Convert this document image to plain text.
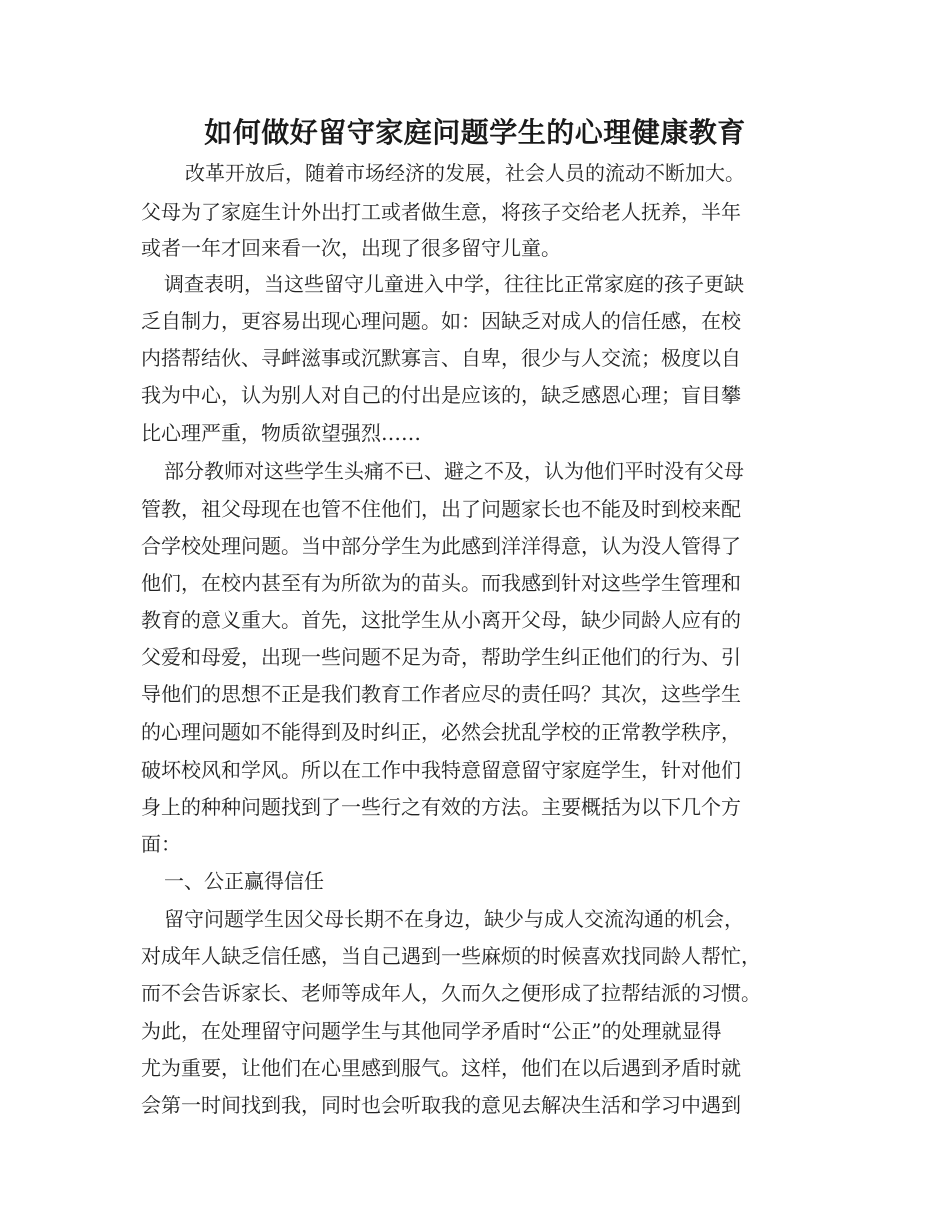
如何做好留守家庭问题学生的心理健康教育
改革开放后，随着市场经济的发展，社会人员的流动不断加大。
父母为了家庭生计外出打工或者做生意，将孩子交给老人抚养，半年
或者一年才回来看一次，出现了很多留守儿童。
调查表明，当这些留守儿童进入中学，往往比正常家庭的孩子更缺
乏自制力，更容易出现心理问题。如：因缺乏对成人的信任感，在校
内搭帮结伙、寻衅滋事或沉默寡言、自卑，很少与人交流；极度以自
我为中心，认为别人对自己的付出是应该的，缺乏感恩心理；盲目攀
比心理严重，物质欲望强烈……
部分教师对这些学生头痛不已、避之不及，认为他们平时没有父母
管教，祖父母现在也管不住他们，出了问题家长也不能及时到校来配
合学校处理问题。当中部分学生为此感到洋洋得意，认为没人管得了
他们，在校内甚至有为所欲为的苗头。而我感到针对这些学生管理和
教育的意义重大。首先，这批学生从小离开父母，缺少同龄人应有的
父爱和母爱，出现一些问题不足为奇，帮助学生纠正他们的行为、引
导他们的思想不正是我们教育工作者应尽的责任吗？其次，这些学生
的心理问题如不能得到及时纠正，必然会扰乱学校的正常教学秩序，
破坏校风和学风。所以在工作中我特意留意留守家庭学生，针对他们
身上的种种问题找到了一些行之有效的方法。主要概括为以下几个方
面：
一、公正赢得信任
留守问题学生因父母长期不在身边，缺少与成人交流沟通的机会，
对成年人缺乏信任感，当自己遇到一些麻烦的时候喜欢找同龄人帮忙，
而不会告诉家长、老师等成年人，久而久之便形成了拉帮结派的习惯。
为此，在处理留守问题学生与其他同学矛盾时“公正”的处理就显得
尤为重要，让他们在心里感到服气。这样，他们在以后遇到矛盾时就
会第一时间找到我，同时也会听取我的意见去解决生活和学习中遇到
